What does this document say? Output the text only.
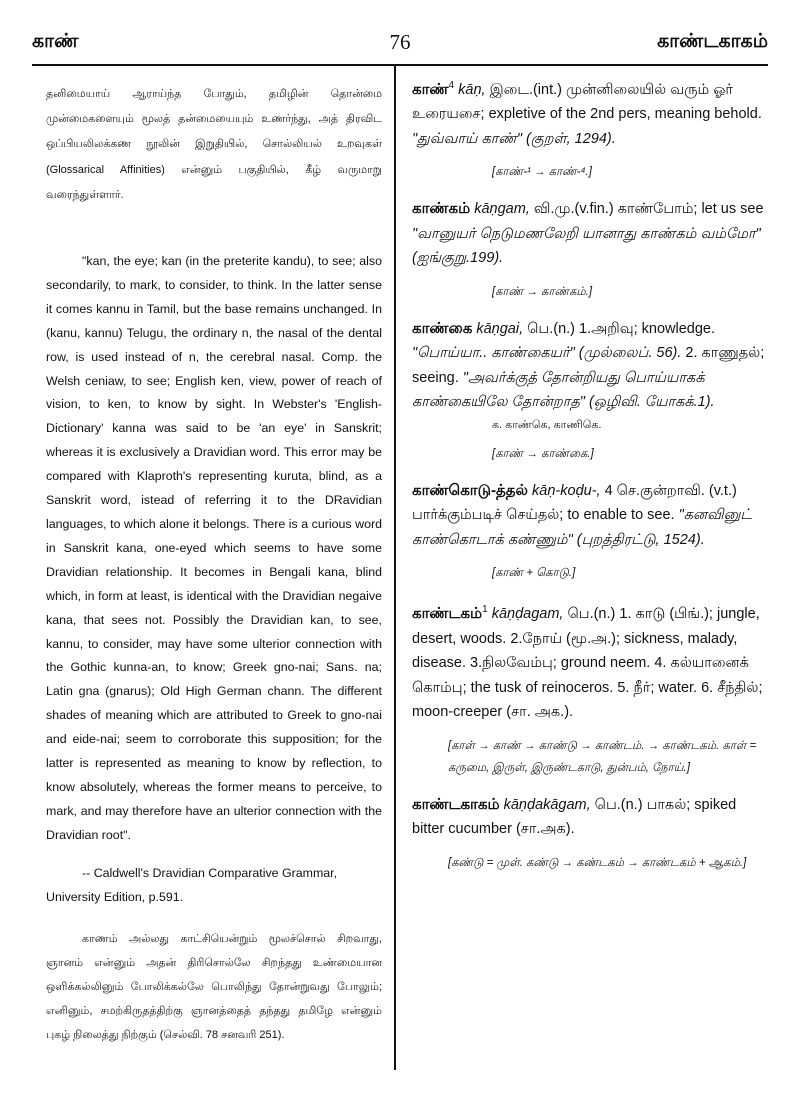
காண்	76	காண்டகாகம்

தனிமையாய் ஆராய்ந்த போதும், தமிழின் தொன்மை முன்மைகளையும் மூலத் தன்மையையும் உணர்ந்து, அத் திரவிட ஒப்பியலிலக்கண நூலின் இறுதியில், சொல்லியல் உறவுகள் (Glossarical Affinities) என்னும் பகுதியில், கீழ் வருமாறு வரைந்துள்ளார்.

"kan, the eye; kan (in the preterite kandu), to see; also secondarily, to mark, to consider, to think. In the latter sense it comes kannu in Tamil, but the base remains unchanged. In (kanu, kannu) Telugu, the ordinary n, the nasal of the dental row, is used instead of n, the cerebral nasal. Comp. the Welsh ceniaw, to see; English ken, view, power of reach of vision, to ken, to know by sight. In Webster's 'English-Dictionary' kanna was said to be 'an eye' in Sanskrit; whereas it is exclusively a Dravidian word. This error may be compared with Klaproth's representing kuruta, blind, as a Sanskrit word, istead of referring it to the DRavidian languages, to which alone it belongs. There is a curious word in Sanskrit kana, one-eyed which seems to have some Dravidian relationship. It becomes in Bengali kana, blind which, in form at least, is identical with the Dravidian negaive kana, that sees not. Possibly the Dravidian kan, to see, kannu, to consider, may have some ulterior connection with the Gothic kunna-an, to know; Greek gno-nai; Sans. na; Latin gna (gnarus); Old High German chann. The different shades of meaning which are attributed to Greek to gno-nai and eide-nai; seem to corroborate this supposition; for the latter is represented as meaning to know by reflection, to know absolutely, whereas the former means to perceive, to mark, and may therefore have an ulterior connection with the Dravidian root".

-- Caldwell's Dravidian Comparative Grammar, University Edition, p.591.

காணம் அல்லது காட்சியென்றும் மூலச்சொல் சிறவாது, ஞானம் என்னும் அதன் திரிசொல்லே சிறந்தது உண்மையான ஒளிக்கல்லினும் போலிக்கல்லே பொலிந்து தோன்றுவது போலும்; எனினும், சமற்கிருதத்திற்கு ஞானத்தைத் தந்தது தமிழே என்னும் புகழ் நிலைத்து நிற்கும் (செல்வி. 78 சனவரி 251).

காண்$^4$ kāṇ, இடை.(int.) முன்னிலையில் வரும் ஓர் உரையசை; expletive of the 2nd pers, meaning behold. "துவ்வாய் காண்" (குறள், 1294).

[காண்-¹ → காண்-⁴.]

காண்கம் kāṇgam, வி.மு.(v.fin.) காண்போம்; let us see "வானுயர் நெடுமணலேறி யானாது காண்கம் வம்மோ" (ஐங்குறு.199).

[காண் → காண்கம்.]

காண்கை kāṇgai, பெ.(n.) 1.அறிவு; knowledge. "பொய்யா.. காண்கையர்" (முல்லைப். 56). 2. காணுதல்; seeing. "அவர்க்குத் தோன்றியது பொய்யாகக் காண்கையிலே தோன்றாத" (ஒழிவி. யோகக்.1).

க. காண்கெ, காணிகெ.

[காண் → காண்கை.]

காண்கொடு-த்தல் kāṇ-koḍu-, 4 செ.குன்றாவி. (v.t.) பார்க்கும்படிச் செய்தல்; to enable to see. "கனவினுட் காண்கொடாக் கண்ணும்" (புறத்திரட்டு, 1524).

[காண் + கொடு.]

காண்டகம்$^1$ kāṇḍagam, பெ.(n.) 1. காடு (பிங்.); jungle, desert, woods. 2.நோய் (மூ.அ.); sickness, malady, disease. 3.நிலவேம்பு; ground neem. 4. கல்யானைக் கொம்பு; the tusk of reinoceros. 5. நீர்; water. 6. சீந்தில்; moon-creeper (சா. அக.).

[காள் → காண் → காண்டு → காண்டம். → காண்டகம். காள் = கருமை, இருள், இருண்டகாடு, துன்பம், நோய்.]

காண்டகாகம் kāṇḍakāgam, பெ.(n.) பாகல்; spiked bitter cucumber (சா.அக).

[கண்டு = முள். கண்டு → கண்டகம் → காண்டகம் + ஆகம்.]
